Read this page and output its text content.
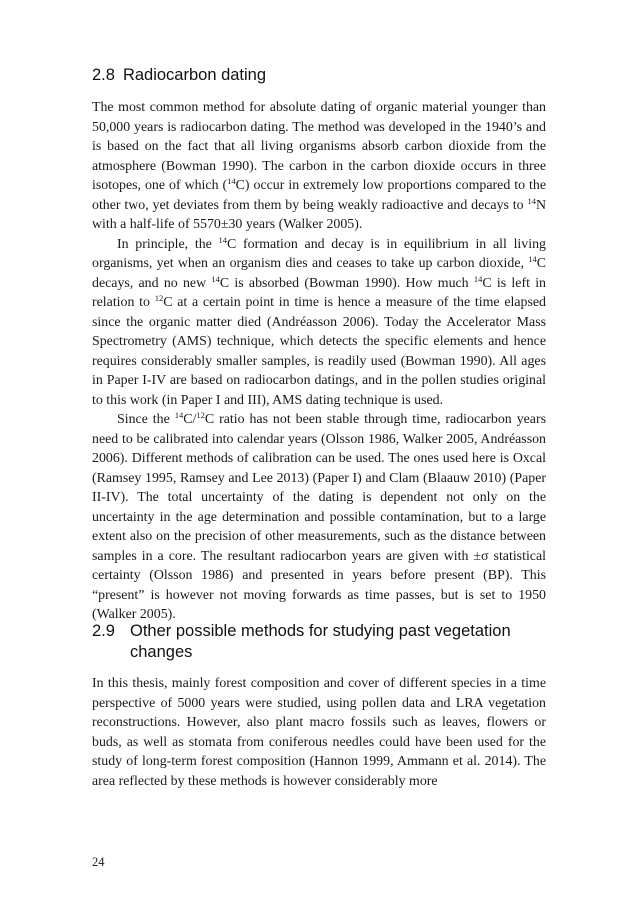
2.8 Radiocarbon dating

The most common method for absolute dating of organic material younger than 50,000 years is radiocarbon dating. The method was developed in the 1940’s and is based on the fact that all living organisms absorb carbon dioxide from the atmosphere (Bowman 1990). The carbon in the carbon dioxide occurs in three isotopes, one of which ($^{14}$C) occur in extremely low proportions compared to the other two, yet deviates from them by being weakly radioactive and decays to $^{14}$N with a half-life of 5570±30 years (Walker 2005).

In principle, the $^{14}$C formation and decay is in equilibrium in all living organisms, yet when an organism dies and ceases to take up carbon dioxide, $^{14}$C decays, and no new $^{14}$C is absorbed (Bowman 1990). How much $^{14}$C is left in relation to $^{12}$C at a certain point in time is hence a measure of the time elapsed since the organic matter died (Andréasson 2006). Today the Accelerator Mass Spectrometry (AMS) technique, which detects the specific elements and hence requires considerably smaller samples, is readily used (Bowman 1990). All ages in Paper I-IV are based on radiocarbon datings, and in the pollen studies original to this work (in Paper I and III), AMS dating technique is used.

Since the $^{14}$C/$^{12}$C ratio has not been stable through time, radiocarbon years need to be calibrated into calendar years (Olsson 1986, Walker 2005, Andréasson 2006). Different methods of calibration can be used. The ones used here is Oxcal (Ramsey 1995, Ramsey and Lee 2013) (Paper I) and Clam (Blaauw 2010) (Paper II-IV). The total uncertainty of the dating is dependent not only on the uncertainty in the age determination and possible contamination, but to a large extent also on the precision of other measurements, such as the distance between samples in a core. The resultant radiocarbon years are given with ±σ statistical certainty (Olsson 1986) and presented in years before present (BP). This “present” is however not moving forwards as time passes, but is set to 1950 (Walker 2005).

2.9 Other possible methods for studying past vegetation changes

In this thesis, mainly forest composition and cover of different species in a time perspective of 5000 years were studied, using pollen data and LRA vegetation reconstructions. However, also plant macro fossils such as leaves, flowers or buds, as well as stomata from coniferous needles could have been used for the study of long-term forest composition (Hannon 1999, Ammann et al. 2014). The area reflected by these methods is however considerably more

24
